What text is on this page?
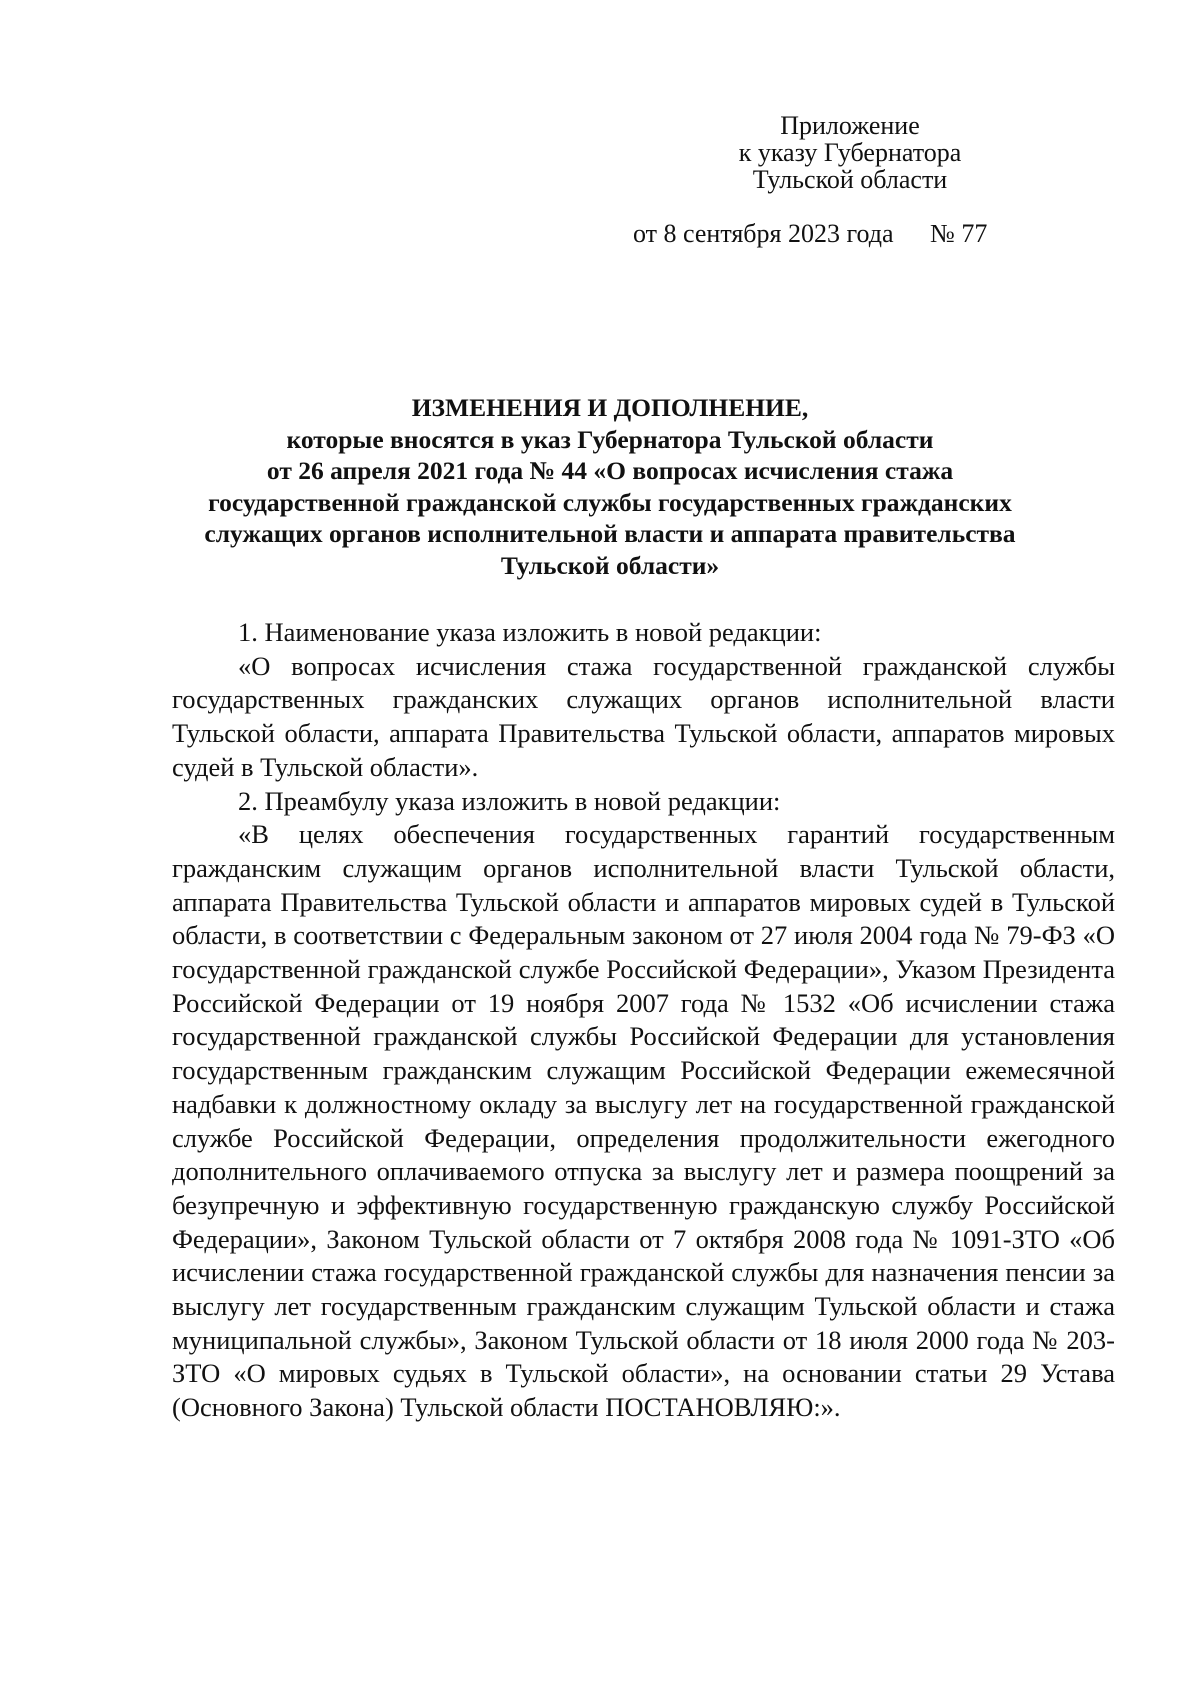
Приложение
к указу Губернатора
Тульской области
от 8 сентября 2023 года № 77
ИЗМЕНЕНИЯ И ДОПОЛНЕНИЕ,
которые вносятся в указ Губернатора Тульской области
от 26 апреля 2021 года № 44 «О вопросах исчисления стажа
государственной гражданской службы государственных гражданских
служащих органов исполнительной власти и аппарата правительства
Тульской области»

1. Наименование указа изложить в новой редакции:

«О вопросах исчисления стажа государственной гражданской службы государственных гражданских служащих органов исполнительной власти Тульской области, аппарата Правительства Тульской области, аппаратов мировых судей в Тульской области».

2. Преамбулу указа изложить в новой редакции:

«В целях обеспечения государственных гарантий государственным гражданским служащим органов исполнительной власти Тульской области, аппарата Правительства Тульской области и аппаратов мировых судей в Тульской области, в соответствии с Федеральным законом от 27 июля 2004 года № 79-ФЗ «О государственной гражданской службе Российской Федерации», Указом Президента Российской Федерации от 19 ноября 2007 года № 1532 «Об исчислении стажа государственной гражданской службы Российской Федерации для установления государственным гражданским служащим Российской Федерации ежемесячной надбавки к должностному окладу за выслугу лет на государственной гражданской службе Российской Федерации, определения продолжительности ежегодного дополнительного оплачиваемого отпуска за выслугу лет и размера поощрений за безупречную и эффективную государственную гражданскую службу Российской Федерации», Законом Тульской области от 7 октября 2008 года № 1091-ЗТО «Об исчислении стажа государственной гражданской службы для назначения пенсии за выслугу лет государственным гражданским служащим Тульской области и стажа муниципальной службы», Законом Тульской области от 18 июля 2000 года № 203-ЗТО «О мировых судьях в Тульской области», на основании статьи 29 Устава (Основного Закона) Тульской области ПОСТАНОВЛЯЮ:».
